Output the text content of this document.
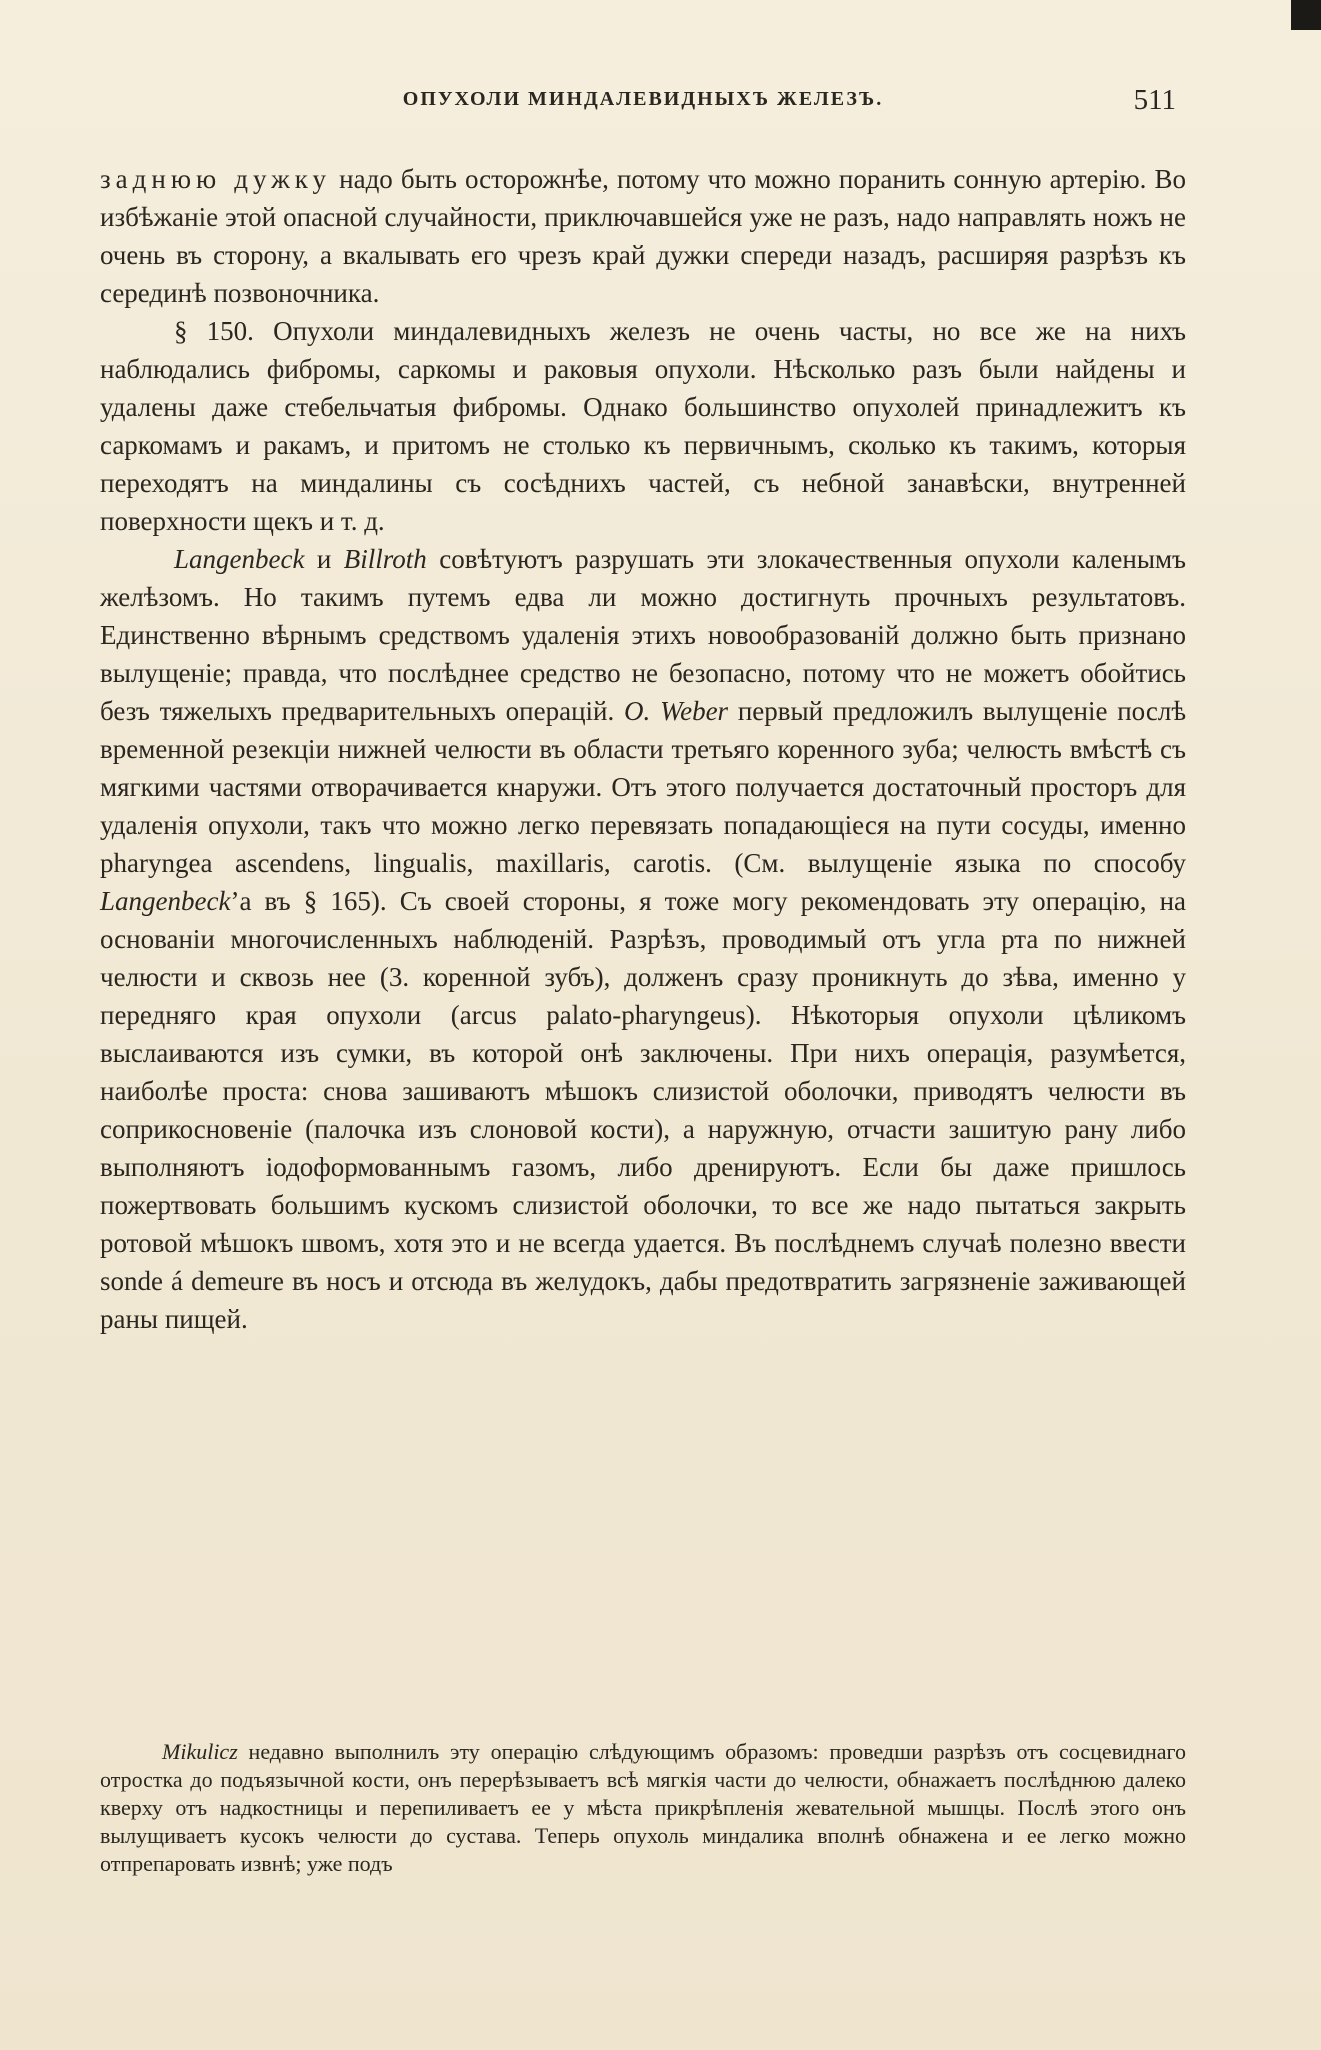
ОПУХОЛИ МИНДАЛЕВИДНЫХЪ ЖЕЛЕЗЪ.	511

заднюю дужку надо быть осторожнѣе, потому что можно поранить сонную артерію. Во избѣжаніе этой опасной случайности, приключавшейся уже не разъ, надо направлять ножъ не очень въ сторону, а вкалывать его чрезъ край дужки спереди назадъ, расширяя разрѣзъ къ серединѣ позвоночника.

§ 150. Опухоли миндалевидныхъ железъ не очень часты, но все же на нихъ наблюдались фибромы, саркомы и раковыя опухоли. Нѣсколько разъ были найдены и удалены даже стебельчатыя фибромы. Однако большинство опухолей принадлежитъ къ саркомамъ и ракамъ, и притомъ не столько къ первичнымъ, сколько къ такимъ, которыя переходятъ на миндалины съ сосѣднихъ частей, съ небной занавѣски, внутренней поверхности щекъ и т. д.

Langenbeck и Billroth совѣтуютъ разрушать эти злокачественныя опухоли каленымъ желѣзомъ. Но такимъ путемъ едва ли можно достигнуть прочныхъ результатовъ. Единственно вѣрнымъ средствомъ удаленія этихъ новообразованій должно быть признано вылущеніе; правда, что послѣднее средство не безопасно, потому что не можетъ обойтись безъ тяжелыхъ предварительныхъ операцій. O. Weber первый предложилъ вылущеніе послѣ временной резекціи нижней челюсти въ области третьяго коренного зуба; челюсть вмѣстѣ съ мягкими частями отворачивается кнаружи. Отъ этого получается достаточный просторъ для удаленія опухоли, такъ что можно легко перевязать попадающіеся на пути сосуды, именно pharyngea ascendens, lingualis, maxillaris, carotis. (См. вылущеніе языка по способу Langenbeck’а въ § 165). Съ своей стороны, я тоже могу рекомендовать эту операцію, на основаніи многочисленныхъ наблюденій. Разрѣзъ, проводимый отъ угла рта по нижней челюсти и сквозь нее (3. коренной зубъ), долженъ сразу проникнуть до зѣва, именно у передняго края опухоли (arcus palato-pharyngeus). Нѣкоторыя опухоли цѣликомъ выслаиваются изъ сумки, въ которой онѣ заключены. При нихъ операція, разумѣется, наиболѣе проста: снова зашиваютъ мѣшокъ слизистой оболочки, приводятъ челюсти въ соприкосновеніе (палочка изъ слоновой кости), а наружную, отчасти зашитую рану либо выполняютъ іодоформованнымъ газомъ, либо дренируютъ. Если бы даже пришлось пожертвовать большимъ кускомъ слизистой оболочки, то все же надо пытаться закрыть ротовой мѣшокъ швомъ, хотя это и не всегда удается. Въ послѣднемъ случаѣ полезно ввести sonde á demeure въ носъ и отсюда въ желудокъ, дабы предотвратить загрязненіе заживающей раны пищей.

Mikulicz недавно выполнилъ эту операцію слѣдующимъ образомъ: проведши разрѣзъ отъ сосцевиднаго отростка до подъязычной кости, онъ перерѣзываетъ всѣ мягкія части до челюсти, обнажаетъ послѣднюю далеко кверху отъ надкостницы и перепиливаетъ ее у мѣста прикрѣпленія жевательной мышцы. Послѣ этого онъ вылущиваетъ кусокъ челюсти до сустава. Теперь опухоль миндалика вполнѣ обнажена и ее легко можно отпрепаровать извнѣ; уже подъ
